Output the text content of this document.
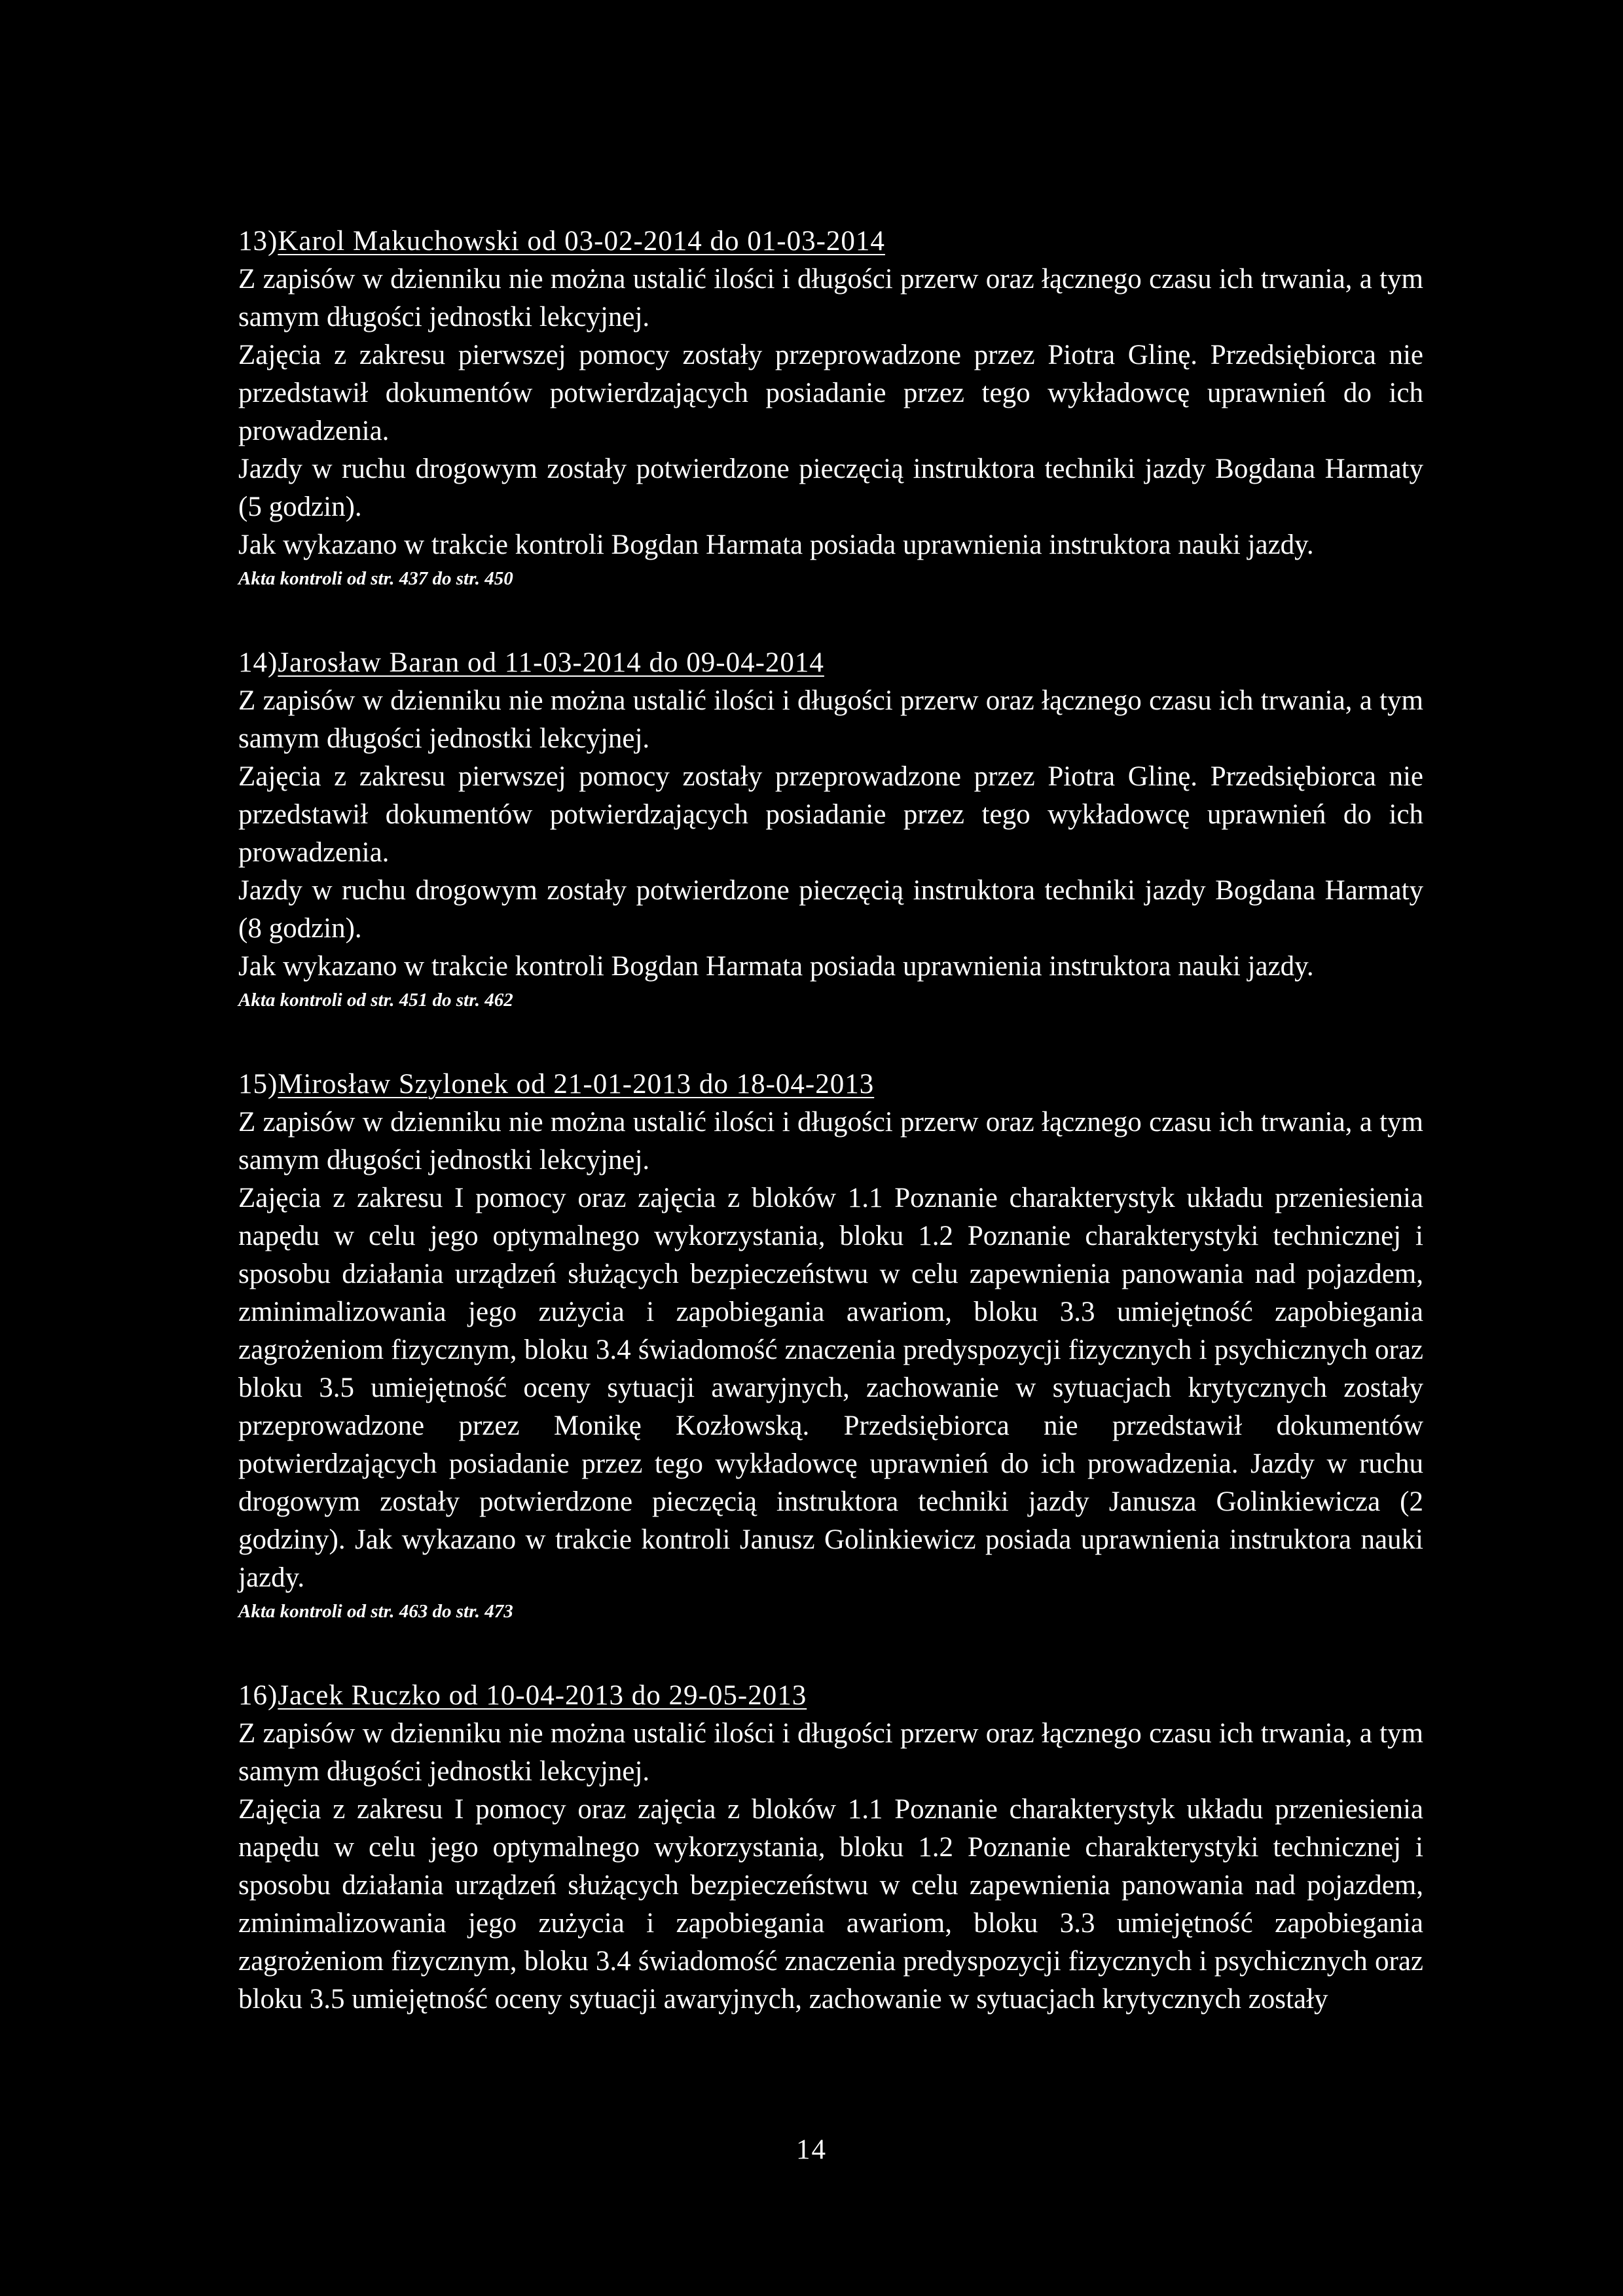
13) Karol Makuchowski od 03-02-2014 do 01-03-2014

Z zapisów w dzienniku nie można ustalić ilości i długości przerw oraz łącznego czasu ich trwania, a tym samym długości jednostki lekcyjnej.

Zajęcia z zakresu pierwszej pomocy zostały przeprowadzone przez Piotra Glinę. Przedsiębiorca nie przedstawił dokumentów potwierdzających posiadanie przez tego wykładowcę uprawnień do ich prowadzenia.

Jazdy w ruchu drogowym zostały potwierdzone pieczęcią instruktora techniki jazdy Bogdana Harmaty (5 godzin).

Jak wykazano w trakcie kontroli Bogdan Harmata posiada uprawnienia instruktora nauki jazdy.

Akta kontroli od str. 437 do str. 450

14) Jarosław Baran od 11-03-2014 do 09-04-2014

Z zapisów w dzienniku nie można ustalić ilości i długości przerw oraz łącznego czasu ich trwania, a tym samym długości jednostki lekcyjnej.

Zajęcia z zakresu pierwszej pomocy zostały przeprowadzone przez Piotra Glinę. Przedsiębiorca nie przedstawił dokumentów potwierdzających posiadanie przez tego wykładowcę uprawnień do ich prowadzenia.

Jazdy w ruchu drogowym zostały potwierdzone pieczęcią instruktora techniki jazdy Bogdana Harmaty (8 godzin).

Jak wykazano w trakcie kontroli Bogdan Harmata posiada uprawnienia instruktora nauki jazdy.

Akta kontroli od str. 451 do str. 462

15) Mirosław Szylonek od 21-01-2013 do 18-04-2013

Z zapisów w dzienniku nie można ustalić ilości i długości przerw oraz łącznego czasu ich trwania, a tym samym długości jednostki lekcyjnej.

Zajęcia z zakresu I pomocy oraz zajęcia z bloków 1.1 Poznanie charakterystyk układu przeniesienia napędu w celu jego optymalnego wykorzystania, bloku 1.2 Poznanie charakterystyki technicznej i sposobu działania urządzeń służących bezpieczeństwu w celu zapewnienia panowania nad pojazdem, zminimalizowania jego zużycia i zapobiegania awariom, bloku 3.3 umiejętność zapobiegania zagrożeniom fizycznym, bloku 3.4 świadomość znaczenia predyspozycji fizycznych i psychicznych oraz bloku 3.5 umiejętność oceny sytuacji awaryjnych, zachowanie w sytuacjach krytycznych zostały przeprowadzone przez Monikę Kozłowską. Przedsiębiorca nie przedstawił dokumentów potwierdzających posiadanie przez tego wykładowcę uprawnień do ich prowadzenia. Jazdy w ruchu drogowym zostały potwierdzone pieczęcią instruktora techniki jazdy Janusza Golinkiewicza (2 godziny). Jak wykazano w trakcie kontroli Janusz Golinkiewicz posiada uprawnienia instruktora nauki jazdy.

Akta kontroli od str. 463 do str. 473

16) Jacek Ruczko od 10-04-2013 do 29-05-2013

Z zapisów w dzienniku nie można ustalić ilości i długości przerw oraz łącznego czasu ich trwania, a tym samym długości jednostki lekcyjnej.

Zajęcia z zakresu I pomocy oraz zajęcia z bloków 1.1 Poznanie charakterystyk układu przeniesienia napędu w celu jego optymalnego wykorzystania, bloku 1.2 Poznanie charakterystyki technicznej i sposobu działania urządzeń służących bezpieczeństwu w celu zapewnienia panowania nad pojazdem, zminimalizowania jego zużycia i zapobiegania awariom, bloku 3.3 umiejętność zapobiegania zagrożeniom fizycznym, bloku 3.4 świadomość znaczenia predyspozycji fizycznych i psychicznych oraz bloku 3.5 umiejętność oceny sytuacji awaryjnych, zachowanie w sytuacjach krytycznych zostały

14
